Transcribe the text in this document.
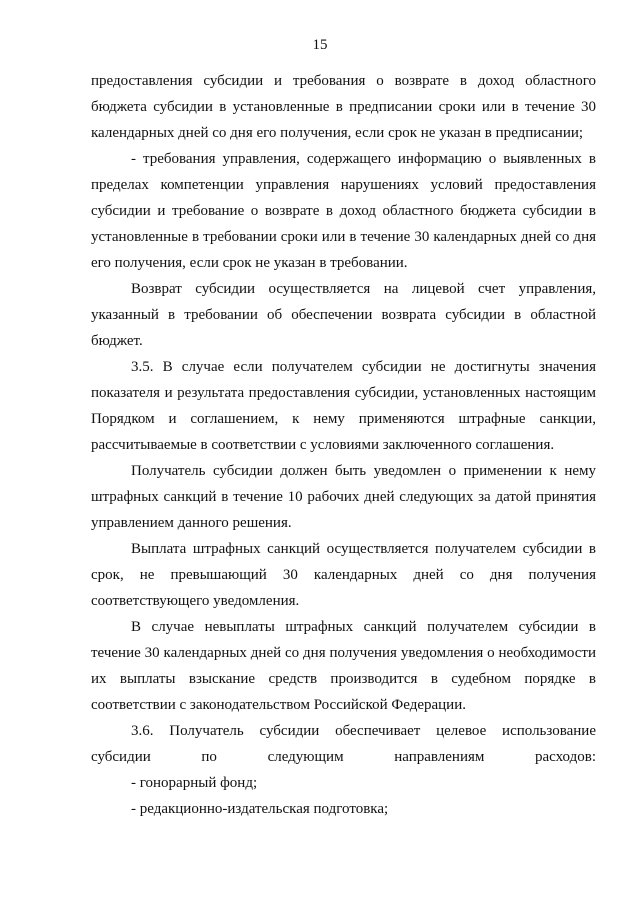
15

предоставления субсидии и требования о возврате в доход областного бюджета субсидии в установленные в предписании сроки или в течение 30 календарных дней со дня его получения, если срок не указан в предписании;

- требования управления, содержащего информацию о выявленных в пределах компетенции управления нарушениях условий предоставления субсидии и требование о возврате в доход областного бюджета субсидии в установленные в требовании сроки или в течение 30 календарных дней со дня его получения, если срок не указан в требовании.

Возврат субсидии осуществляется на лицевой счет управления, указанный в требовании об обеспечении возврата субсидии в областной бюджет.

3.5. В случае если получателем субсидии не достигнуты значения показателя и результата предоставления субсидии, установленных настоящим Порядком и соглашением, к нему применяются штрафные санкции, рассчитываемые в соответствии с условиями заключенного соглашения.

Получатель субсидии должен быть уведомлен о применении к нему штрафных санкций в течение 10 рабочих дней следующих за датой принятия управлением данного решения.

Выплата штрафных санкций осуществляется получателем субсидии в срок, не превышающий 30 календарных дней со дня получения соответствующего уведомления.

В случае невыплаты штрафных санкций получателем субсидии в течение 30 календарных дней со дня получения уведомления о необходимости их выплаты взыскание средств производится в судебном порядке в соответствии с законодательством Российской Федерации.

3.6. Получатель субсидии обеспечивает целевое использование субсидии по следующим направлениям расходов:

- гонорарный фонд;

- редакционно-издательская подготовка;
